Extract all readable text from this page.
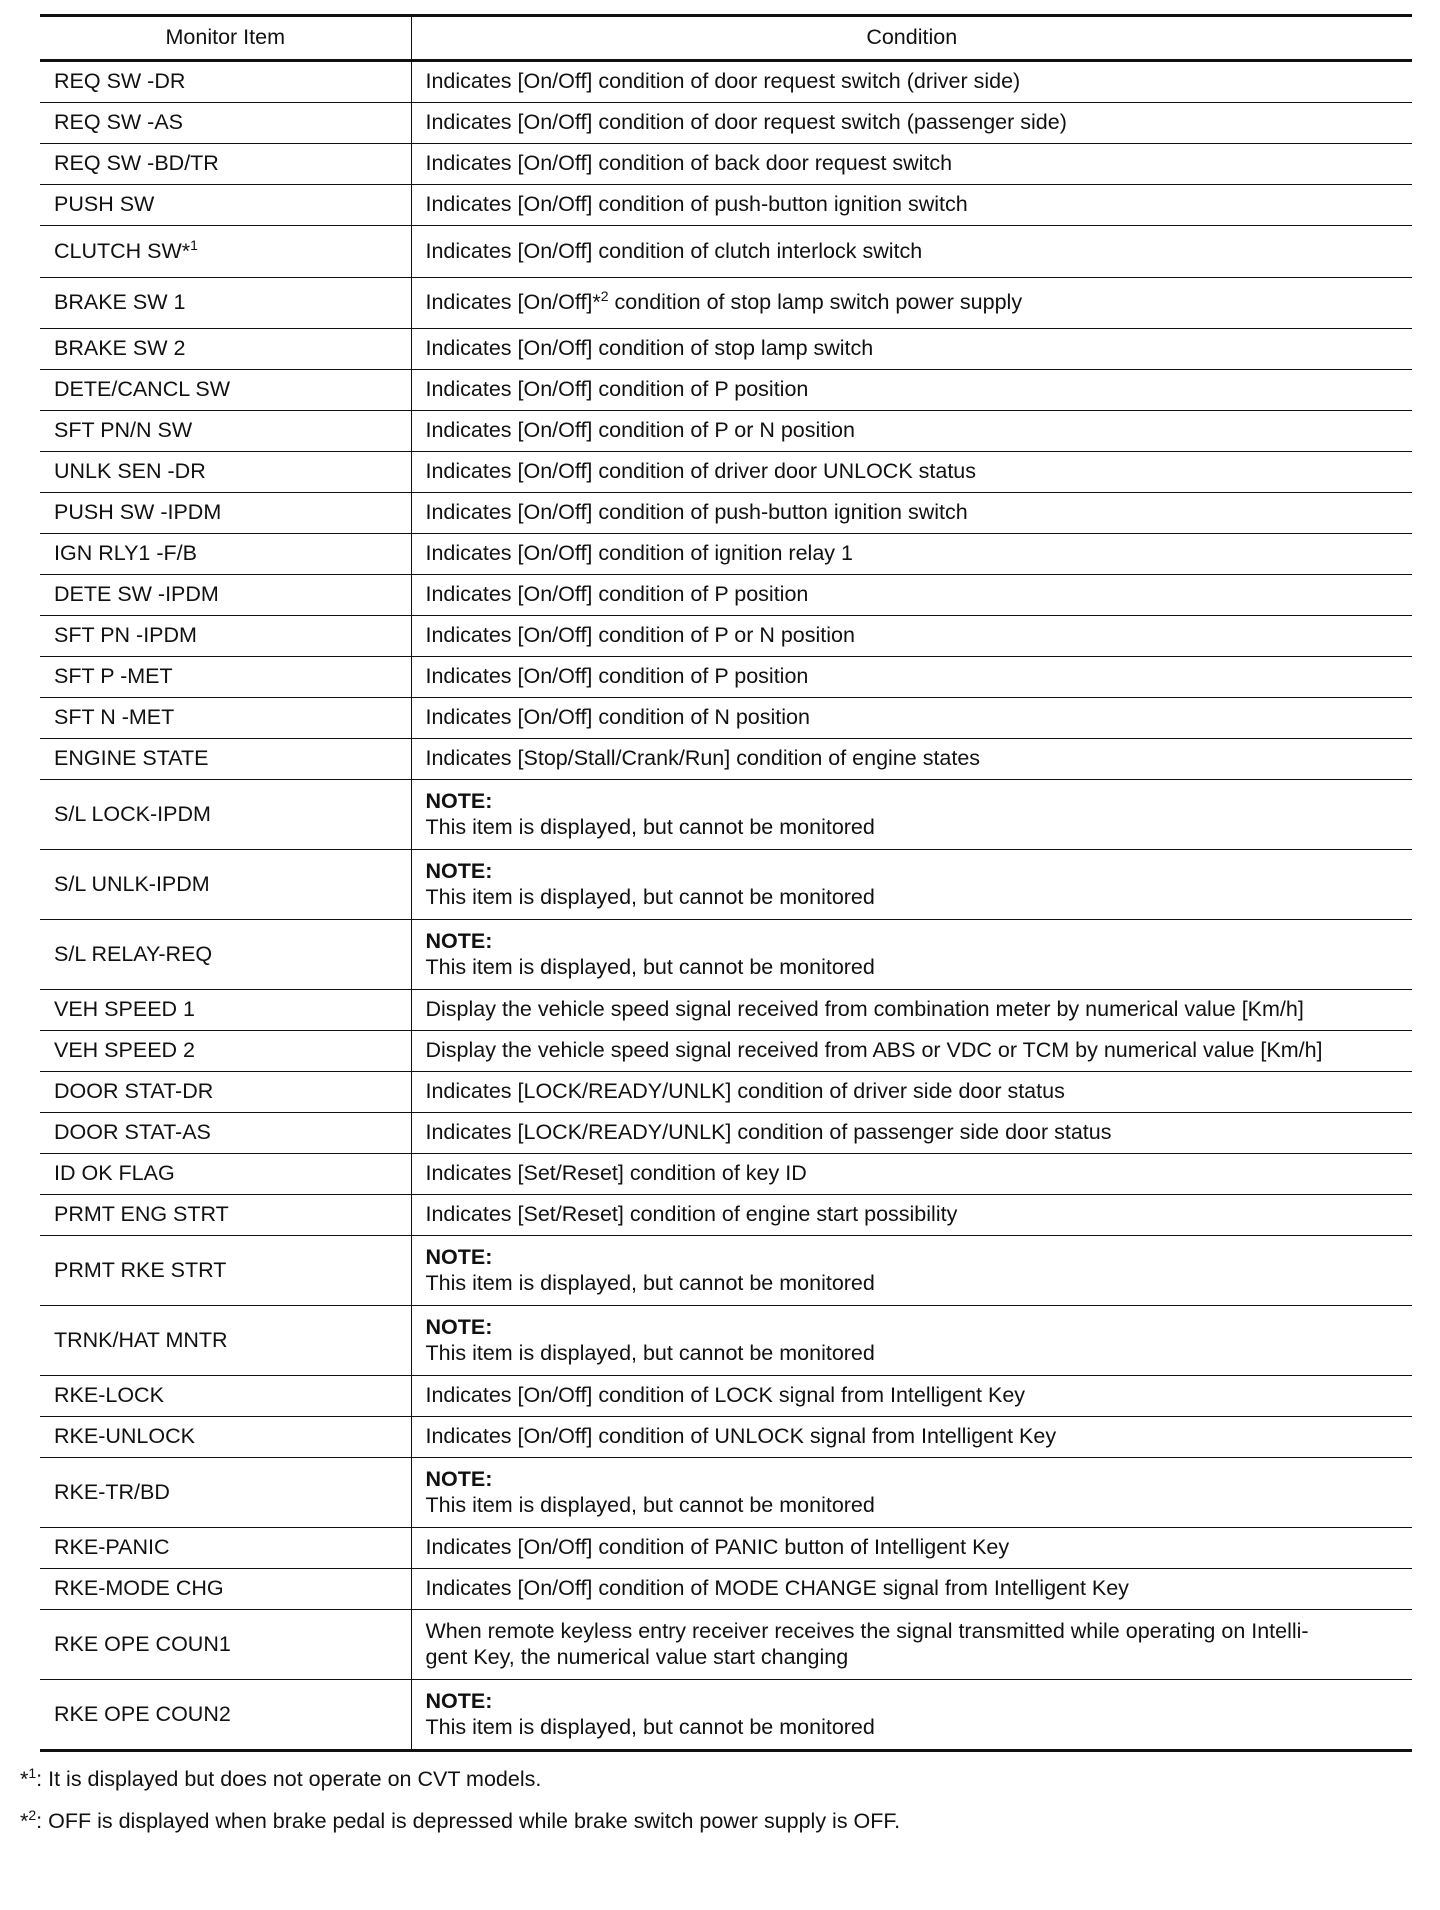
Monitor Item	Condition
REQ SW -DR	Indicates [On/Off] condition of door request switch (driver side)
REQ SW -AS	Indicates [On/Off] condition of door request switch (passenger side)
REQ SW -BD/TR	Indicates [On/Off] condition of back door request switch
PUSH SW	Indicates [On/Off] condition of push-button ignition switch
CLUTCH SW*$^1$	Indicates [On/Off] condition of clutch interlock switch
BRAKE SW 1	Indicates [On/Off]*$^2$ condition of stop lamp switch power supply
BRAKE SW 2	Indicates [On/Off] condition of stop lamp switch
DETE/CANCL SW	Indicates [On/Off] condition of P position
SFT PN/N SW	Indicates [On/Off] condition of P or N position
UNLK SEN -DR	Indicates [On/Off] condition of driver door UNLOCK status
PUSH SW -IPDM	Indicates [On/Off] condition of push-button ignition switch
IGN RLY1 -F/B	Indicates [On/Off] condition of ignition relay 1
DETE SW -IPDM	Indicates [On/Off] condition of P position
SFT PN -IPDM	Indicates [On/Off] condition of P or N position
SFT P -MET	Indicates [On/Off] condition of P position
SFT N -MET	Indicates [On/Off] condition of N position
ENGINE STATE	Indicates [Stop/Stall/Crank/Run] condition of engine states
S/L LOCK-IPDM	NOTE:
This item is displayed, but cannot be monitored

S/L UNLK-IPDM	NOTE:
This item is displayed, but cannot be monitored

S/L RELAY-REQ	NOTE:
This item is displayed, but cannot be monitored

VEH SPEED 1	Display the vehicle speed signal received from combination meter by numerical value [Km/h]
VEH SPEED 2	Display the vehicle speed signal received from ABS or VDC or TCM by numerical value [Km/h]
DOOR STAT-DR	Indicates [LOCK/READY/UNLK] condition of driver side door status
DOOR STAT-AS	Indicates [LOCK/READY/UNLK] condition of passenger side door status
ID OK FLAG	Indicates [Set/Reset] condition of key ID
PRMT ENG STRT	Indicates [Set/Reset] condition of engine start possibility
PRMT RKE STRT	NOTE:
This item is displayed, but cannot be monitored

TRNK/HAT MNTR	NOTE:
This item is displayed, but cannot be monitored

RKE-LOCK	Indicates [On/Off] condition of LOCK signal from Intelligent Key
RKE-UNLOCK	Indicates [On/Off] condition of UNLOCK signal from Intelligent Key
RKE-TR/BD	NOTE:
This item is displayed, but cannot be monitored

RKE-PANIC	Indicates [On/Off] condition of PANIC button of Intelligent Key
RKE-MODE CHG	Indicates [On/Off] condition of MODE CHANGE signal from Intelligent Key
RKE OPE COUN1	When remote keyless entry receiver receives the signal transmitted while operating on Intelli-
gent Key, the numerical value start changing

RKE OPE COUN2	NOTE:
This item is displayed, but cannot be monitored
*$^1$: It is displayed but does not operate on CVT models.
*$^2$: OFF is displayed when brake pedal is depressed while brake switch power supply is OFF.
